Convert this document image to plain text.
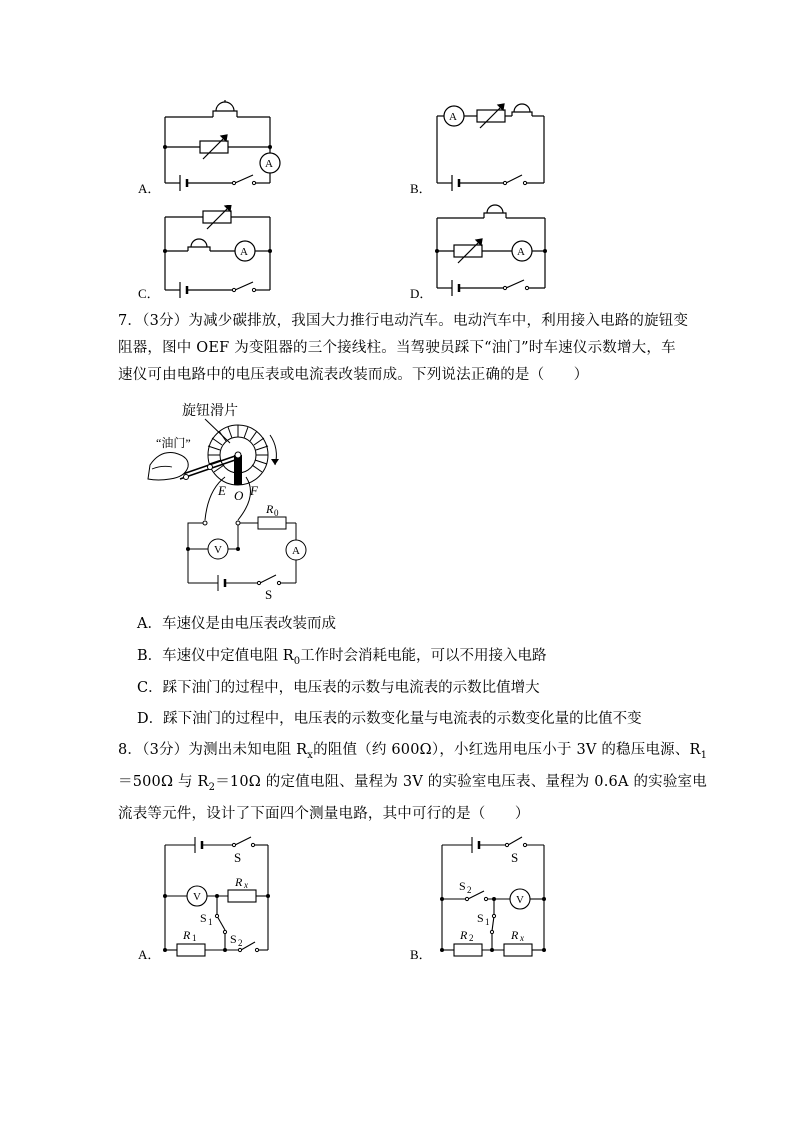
A．	B．
C．	D．
A
A
A	A
7．（3分）为减少碳排放，我国大力推行电动汽车。电动汽车中，利用接入电路的旋钮变
阻器，图中 OEF 为变阻器的三个接线柱。当驾驶员踩下“油门”时车速仪示数增大，车
速仪可由电路中的电压表或电流表改装而成。下列说法正确的是（　　）
旋钮滑片
“油门”
E O F
R 0
V	A
S
A．车速仪是由电压表改装而成
B．车速仪中定值电阻 $R_0$工作时会消耗电能，可以不用接入电路
C．踩下油门的过程中，电压表的示数与电流表的示数比值增大
D．踩下油门的过程中，电压表的示数变化量与电流表的示数变化量的比值不变
8．（3分）为测出未知电阻 $R_x$的阻值（约 600Ω），小红选用电压小于 3V 的稳压电源、$R_1$
＝500Ω 与 $R_2=10\Omega$ 的定值电阻、量程为 3V 的实验室电压表、量程为 0.6A 的实验室电
流表等元件，设计了下面四个测量电路，其中可行的是（　　）
A．	B．
S
V
R x
S 1
R 1	S 2
S
S 2
V
S 1
R 2	R x
